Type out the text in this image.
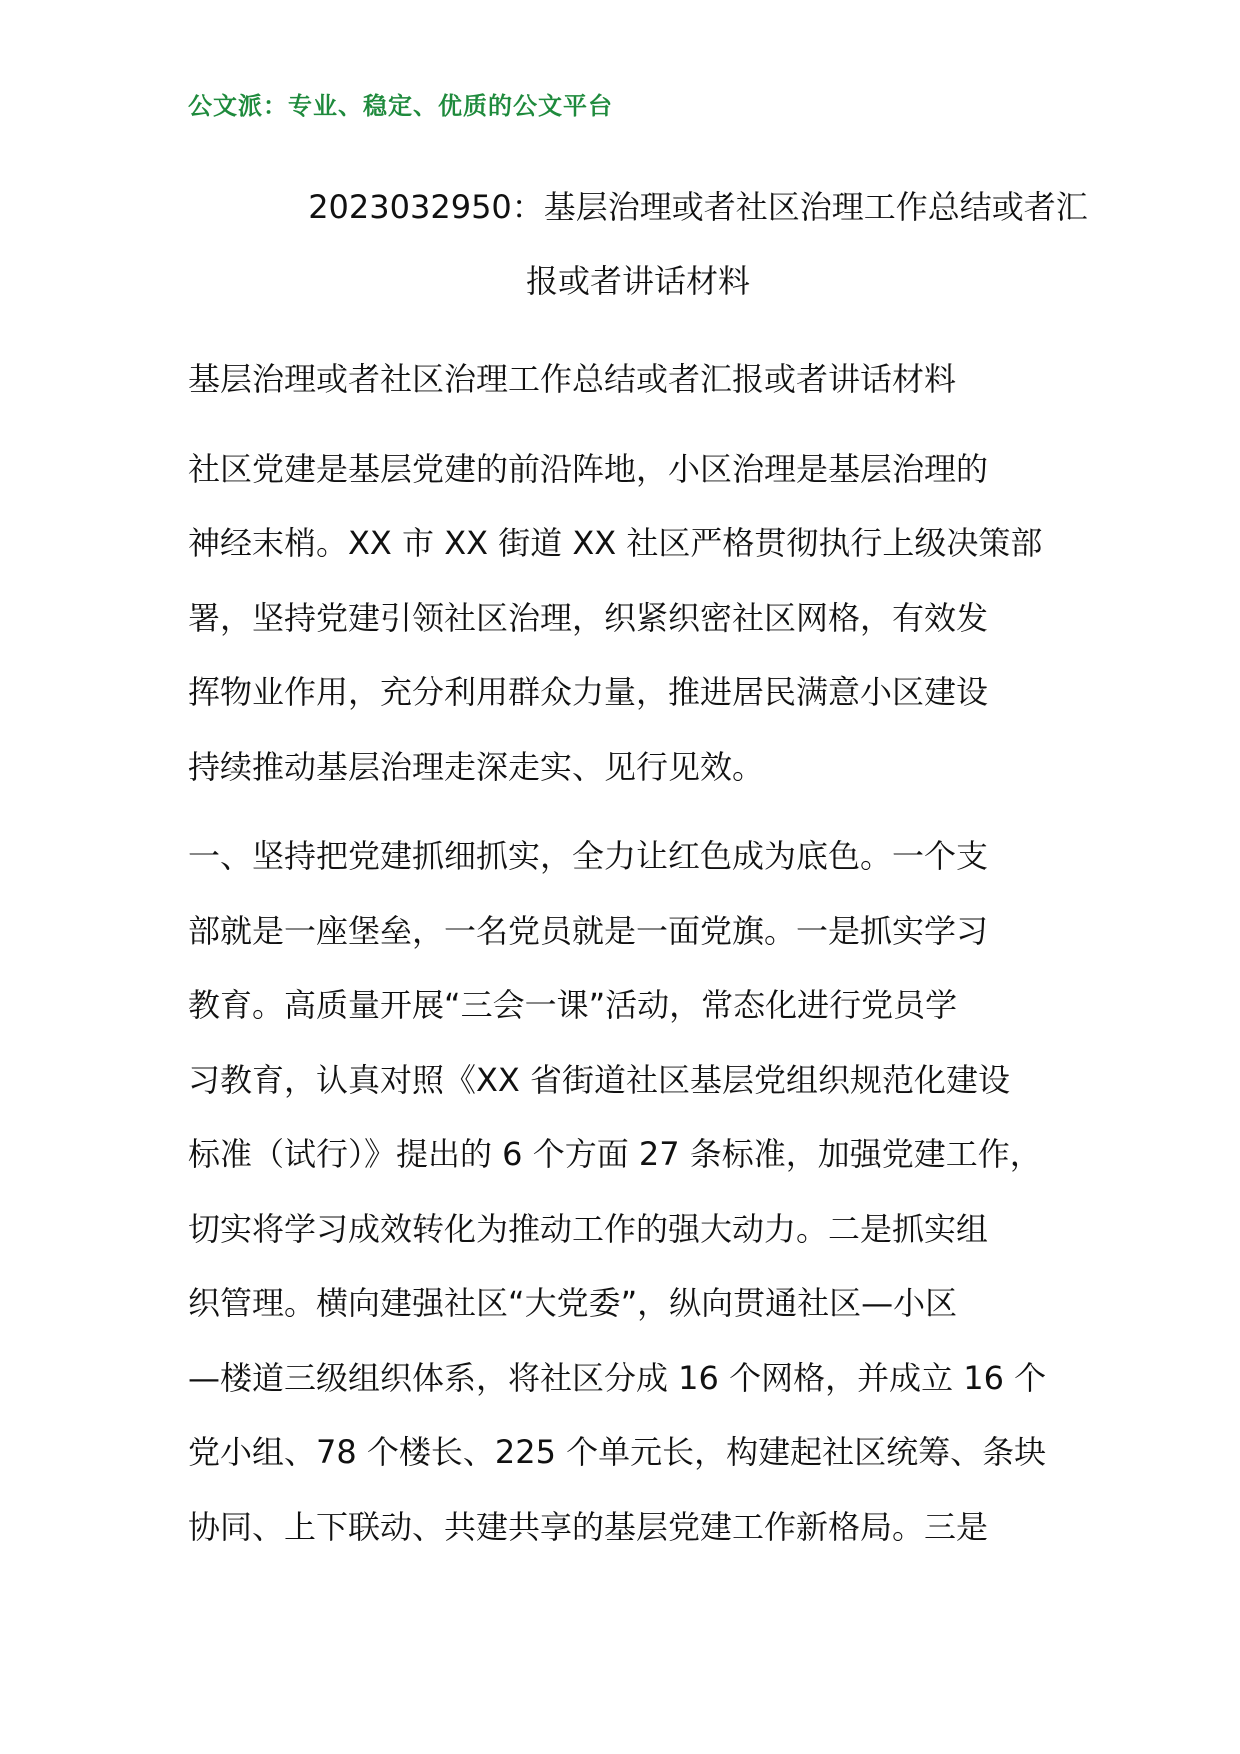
公文派：专业、稳定、优质的公文平台
2023032950：基层治理或者社区治理工作总结或者汇
报或者讲话材料
基层治理或者社区治理工作总结或者汇报或者讲话材料
社区党建是基层党建的前沿阵地，小区治理是基层治理的
神经末梢。XX 市 XX 街道 XX 社区严格贯彻执行上级决策部
署，坚持党建引领社区治理，织紧织密社区网格，有效发
挥物业作用，充分利用群众力量，推进居民满意小区建设
持续推动基层治理走深走实、见行见效。
一、坚持把党建抓细抓实，全力让红色成为底色。一个支
部就是一座堡垒，一名党员就是一面党旗。一是抓实学习
教育。高质量开展“三会一课”活动，常态化进行党员学
习教育，认真对照《XX 省街道社区基层党组织规范化建设
标准（试行）》提出的 6 个方面 27 条标准，加强党建工作，
切实将学习成效转化为推动工作的强大动力。二是抓实组
织管理。横向建强社区“大党委”，纵向贯通社区—小区
—楼道三级组织体系，将社区分成 16 个网格，并成立 16 个
党小组、78 个楼长、225 个单元长，构建起社区统筹、条块
协同、上下联动、共建共享的基层党建工作新格局。三是
